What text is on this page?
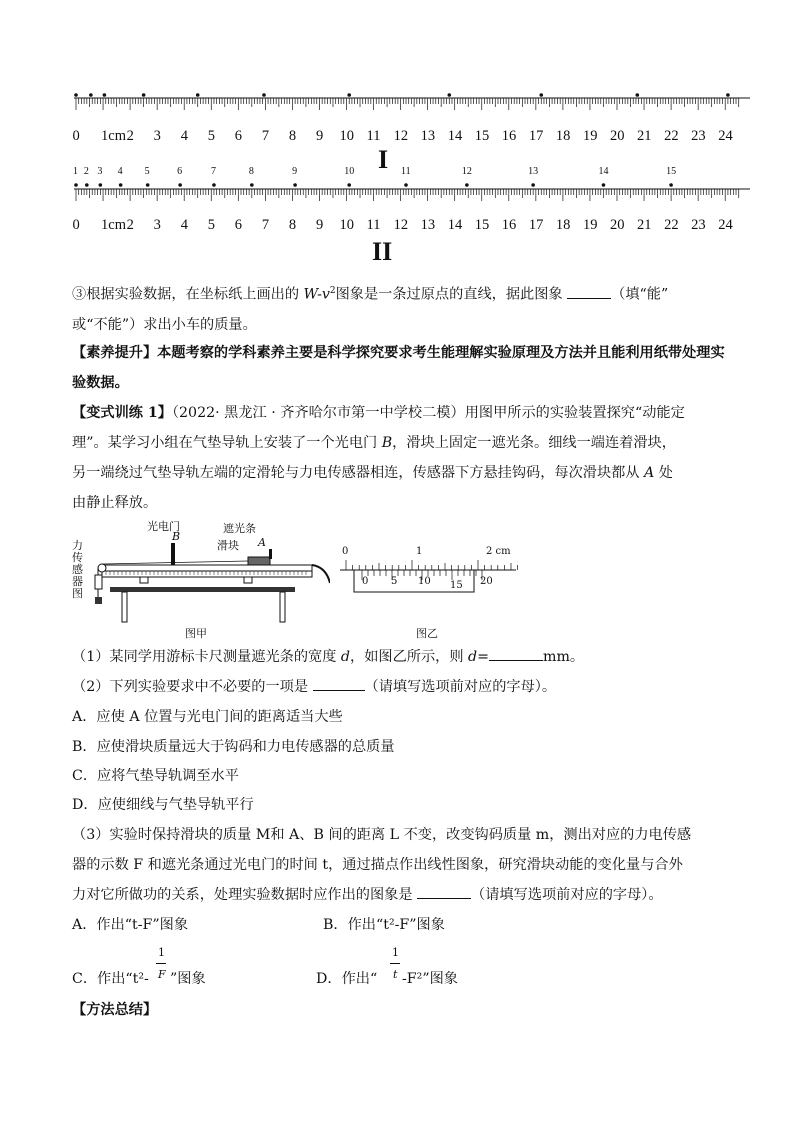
0 1cm 2 3 4 5 6 7 8 9 10 11 12 13 14 15 16 17 18 19 20 21 22 23 24
I
1 2 3 4 5	6	7	8	9	10	11	12	13	14	15
0 1cm 2 3 4 5 6 7 8 9 10 11 12 13 14 15 16 17 18 19 20 21 22 23 24
II
③根据实验数据，在坐标纸上画出的 $W-v^2$图象是一条过原点的直线，据此图象	（填“能”
或“不能”）求出小车的质量。
【素养提升】本题考察的学科素养主要是科学探究要求考生能理解实验原理及方法并且能利用纸带处理实验数据。
【变式训练 1】（2022· 黑龙江 · 齐齐哈尔市第一中学校二模）用图甲所示的实验装置探究“动能定
理”。某学习小组在气垫导轨上安装了一个光电门 B，滑块上固定一遮光条。细线一端连着滑块，
另一端绕过气垫导轨左端的定滑轮与力电传感器相连，传感器下方悬挂钩码，每次滑块都从 A 处
由静止释放。
光电门
B
遮光条
滑块 A
力
传
感
器
图
图甲
0	1	2 cm
0 5 10 15 20
图乙
（1）某同学用游标卡尺测量遮光条的宽度 d，如图乙所示，则 d=	mm。
（2）下列实验要求中不必要的一项是	（请填写选项前对应的字母）。
A．应使 A 位置与光电门间的距离适当大些
B．应使滑块质量远大于钩码和力电传感器的总质量
C．应将气垫导轨调至水平
D．应使细线与气垫导轨平行
（3）实验时保持滑块的质量 M和 A、B 间的距离 L 不变，改变钩码质量 m，测出对应的力电传感
器的示数 F 和遮光条通过光电门的时间 t，通过描点作出线性图象，研究滑块动能的变化量与合外
力对它所做功的关系，处理实验数据时应作出的图象是	（请填写选项前对应的字母）。
A．作出“t-F”图象	B．作出“t²-F”图象
C．作出“t²-
1
F ”图象	D．作出“
1
t -F²”图象
【方法总结】
